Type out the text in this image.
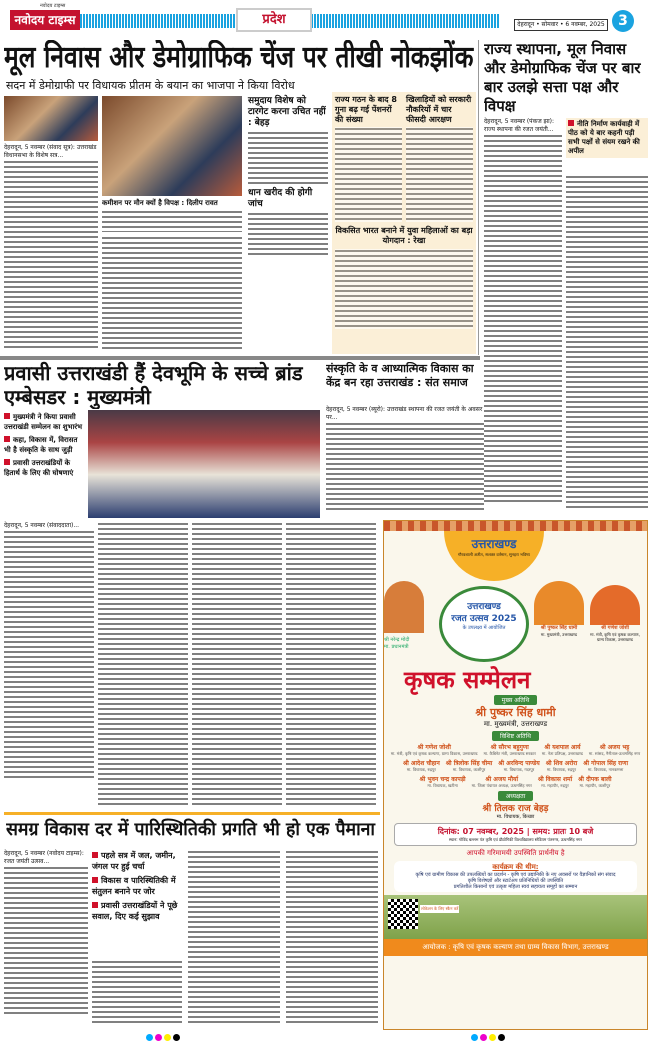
नवोदय टाइम्स
नवोदय टाइम्स	प्रदेश	देहरादून • सोमवार • 6 नवम्बर, 2025 3
मूल निवास और डेमोग्राफिक चेंज पर तीखी नोकझोंक
सदन में डेमोग्राफी पर विधायक प्रीतम के बयान का भाजपा ने किया विरोध

देहरादून, 5 नवम्बर (संवाद सूत्र): उत्तराखंड विधानसभा के विशेष सत्र...

कमीशन पर मौन क्यों है विपक्ष : दिलीप रावत
समुदाय विशेष को टारगेट करना उचित नहीं : बेहड़
धान खरीद की होगी जांच
राज्य गठन के बाद 8 गुना बढ़ गई पेंशनरों की संख्या
खिलाड़ियों को सरकारी नौकरियों में चार फीसदी आरक्षण
विकसित भारत बनाने में युवा महिलाओं का बड़ा योगदान : रेखा
राज्य स्थापना, मूल निवास और डेमोग्राफिक चेंज पर बार बार उलझे सत्ता पक्ष और विपक्ष

देहरादून, 5 नवम्बर (पंकज झा): राज्य स्थापना की रजत जयंती...

नीति निर्माण कार्यवाही में पीठ को ये बार कहनी पड़ी सभी पक्षों से संयम रखने की अपील
प्रवासी उत्तराखंडी हैं देवभूमि के सच्चे ब्रांड एम्बेसडर : मुख्यमंत्री
मुख्यमंत्री ने किया प्रवासी उत्तराखंडी सम्मेलन का शुभारंभ
कहा, विकास में, विरासत भी है संस्कृति के साथ जुड़ी
प्रवासी उत्तराखंडियों के हितार्थ के लिए की घोषणाएं

देहरादून, 5 नवम्बर (संवाददाता)...

संस्कृति के व आध्यात्मिक विकास का केंद्र बन रहा उत्तराखंड : संत समाज

देहरादून, 5 नवम्बर (ब्यूरो): उत्तराखंड स्थापना की रजत जयंती के अवसर पर...

उत्तराखण्ड
गौरवशाली अतीत, सशक्त वर्तमान, सुनहरा भविष्य
श्री नरेन्द्र मोदी
मा. प्रधानमंत्री
उत्तराखण्ड
रजत उत्सव 2025
के उपलक्ष्य में आयोजित	श्री पुष्कर सिंह धामी
मा. मुख्यमंत्री, उत्तराखण्ड
श्री गणेश जोशी
मा. मंत्री, कृषि एवं कृषक कल्याण, ग्राम्य विकास, उत्तराखण्ड
कृषक सम्मेलन
मुख्य अतिथि
श्री पुष्कर सिंह धामी
मा. मुख्यमंत्री, उत्तराखण्ड
विशिष्ट अतिथि
श्री गणेश जोशी
मा. मंत्री, कृषि एवं कृषक कल्याण, ग्राम्य विकास, उत्तराखण्ड
श्री सौरभ बहुगुणा
मा. कैबिनेट मंत्री, उत्तराखण्ड सरकार
श्री यशपाल आर्य
मा. नेता प्रतिपक्ष, उत्तराखण्ड
श्री अजय भट्ट
मा. सांसद, नैनीताल-ऊधमसिंह नगर
श्री आदेश चौहान
मा. विधायक, रुद्रपुर
श्री त्रिलोक सिंह चीमा
मा. विधायक, काशीपुर
श्री अरविन्द पाण्डेय
मा. विधायक, गदरपुर
श्री शिव अरोरा
मा. विधायक, रुद्रपुर
श्री गोपाल सिंह राणा
मा. विधायक, नानकमत्ता
श्री भुवन चन्द्र कापड़ी
मा. विधायक, खटीमा
श्री अजय मौर्या
मा. जिला पंचायत अध्यक्ष, ऊधमसिंह नगर
श्री विकास शर्मा
मा. महापौर, रुद्रपुर
श्री दीपक बाली
मा. महापौर, काशीपुर
अध्यक्षता
श्री तिलक राज बेहड़
मा. विधायक, किच्छा
दिनांक: 07 नवम्बर, 2025 | समय: प्रातः 10 बजे
स्थान: गोविंद बल्लभ पंत कृषि एवं प्रौद्योगिकी विश्वविद्यालय स्टेडियम पंतनगर, ऊधमसिंह नगर
आपकी गरिमामयी उपस्थिति प्रार्थनीय है
कार्यक्रम की थीम:
कृषि एवं ग्रामीण विकास की उपलब्धियों का प्रदर्शन - कृषि एवं उद्यानिकी के नए अवसरों पर वैज्ञानिकों संग संवाद
कृषि विशेषज्ञों और स्टार्टअप प्रतिनिधियों की उपस्थिति
प्रगतिशील किसानों एवं उत्कृष्ट महिला स्वयं सहायता समूहों का सम्मान
लोकेशन के लिए स्कैन करें
आयोजक : कृषि एवं कृषक कल्याण तथा ग्राम्य विकास विभाग, उत्तराखण्ड
समग्र विकास दर में पारिस्थितिकी प्रगति भी हो एक पैमाना

देहरादून, 5 नवम्बर (नवोदय टाइम्स): रजत जयंती उत्सव...

पहले सत्र में जल, जमीन, जंगल पर हुई चर्चा
विकास व पारिस्थितिकी में संतुलन बनाने पर जोर
प्रवासी उत्तराखंडियों ने पूछे सवाल, दिए कई सुझाव
